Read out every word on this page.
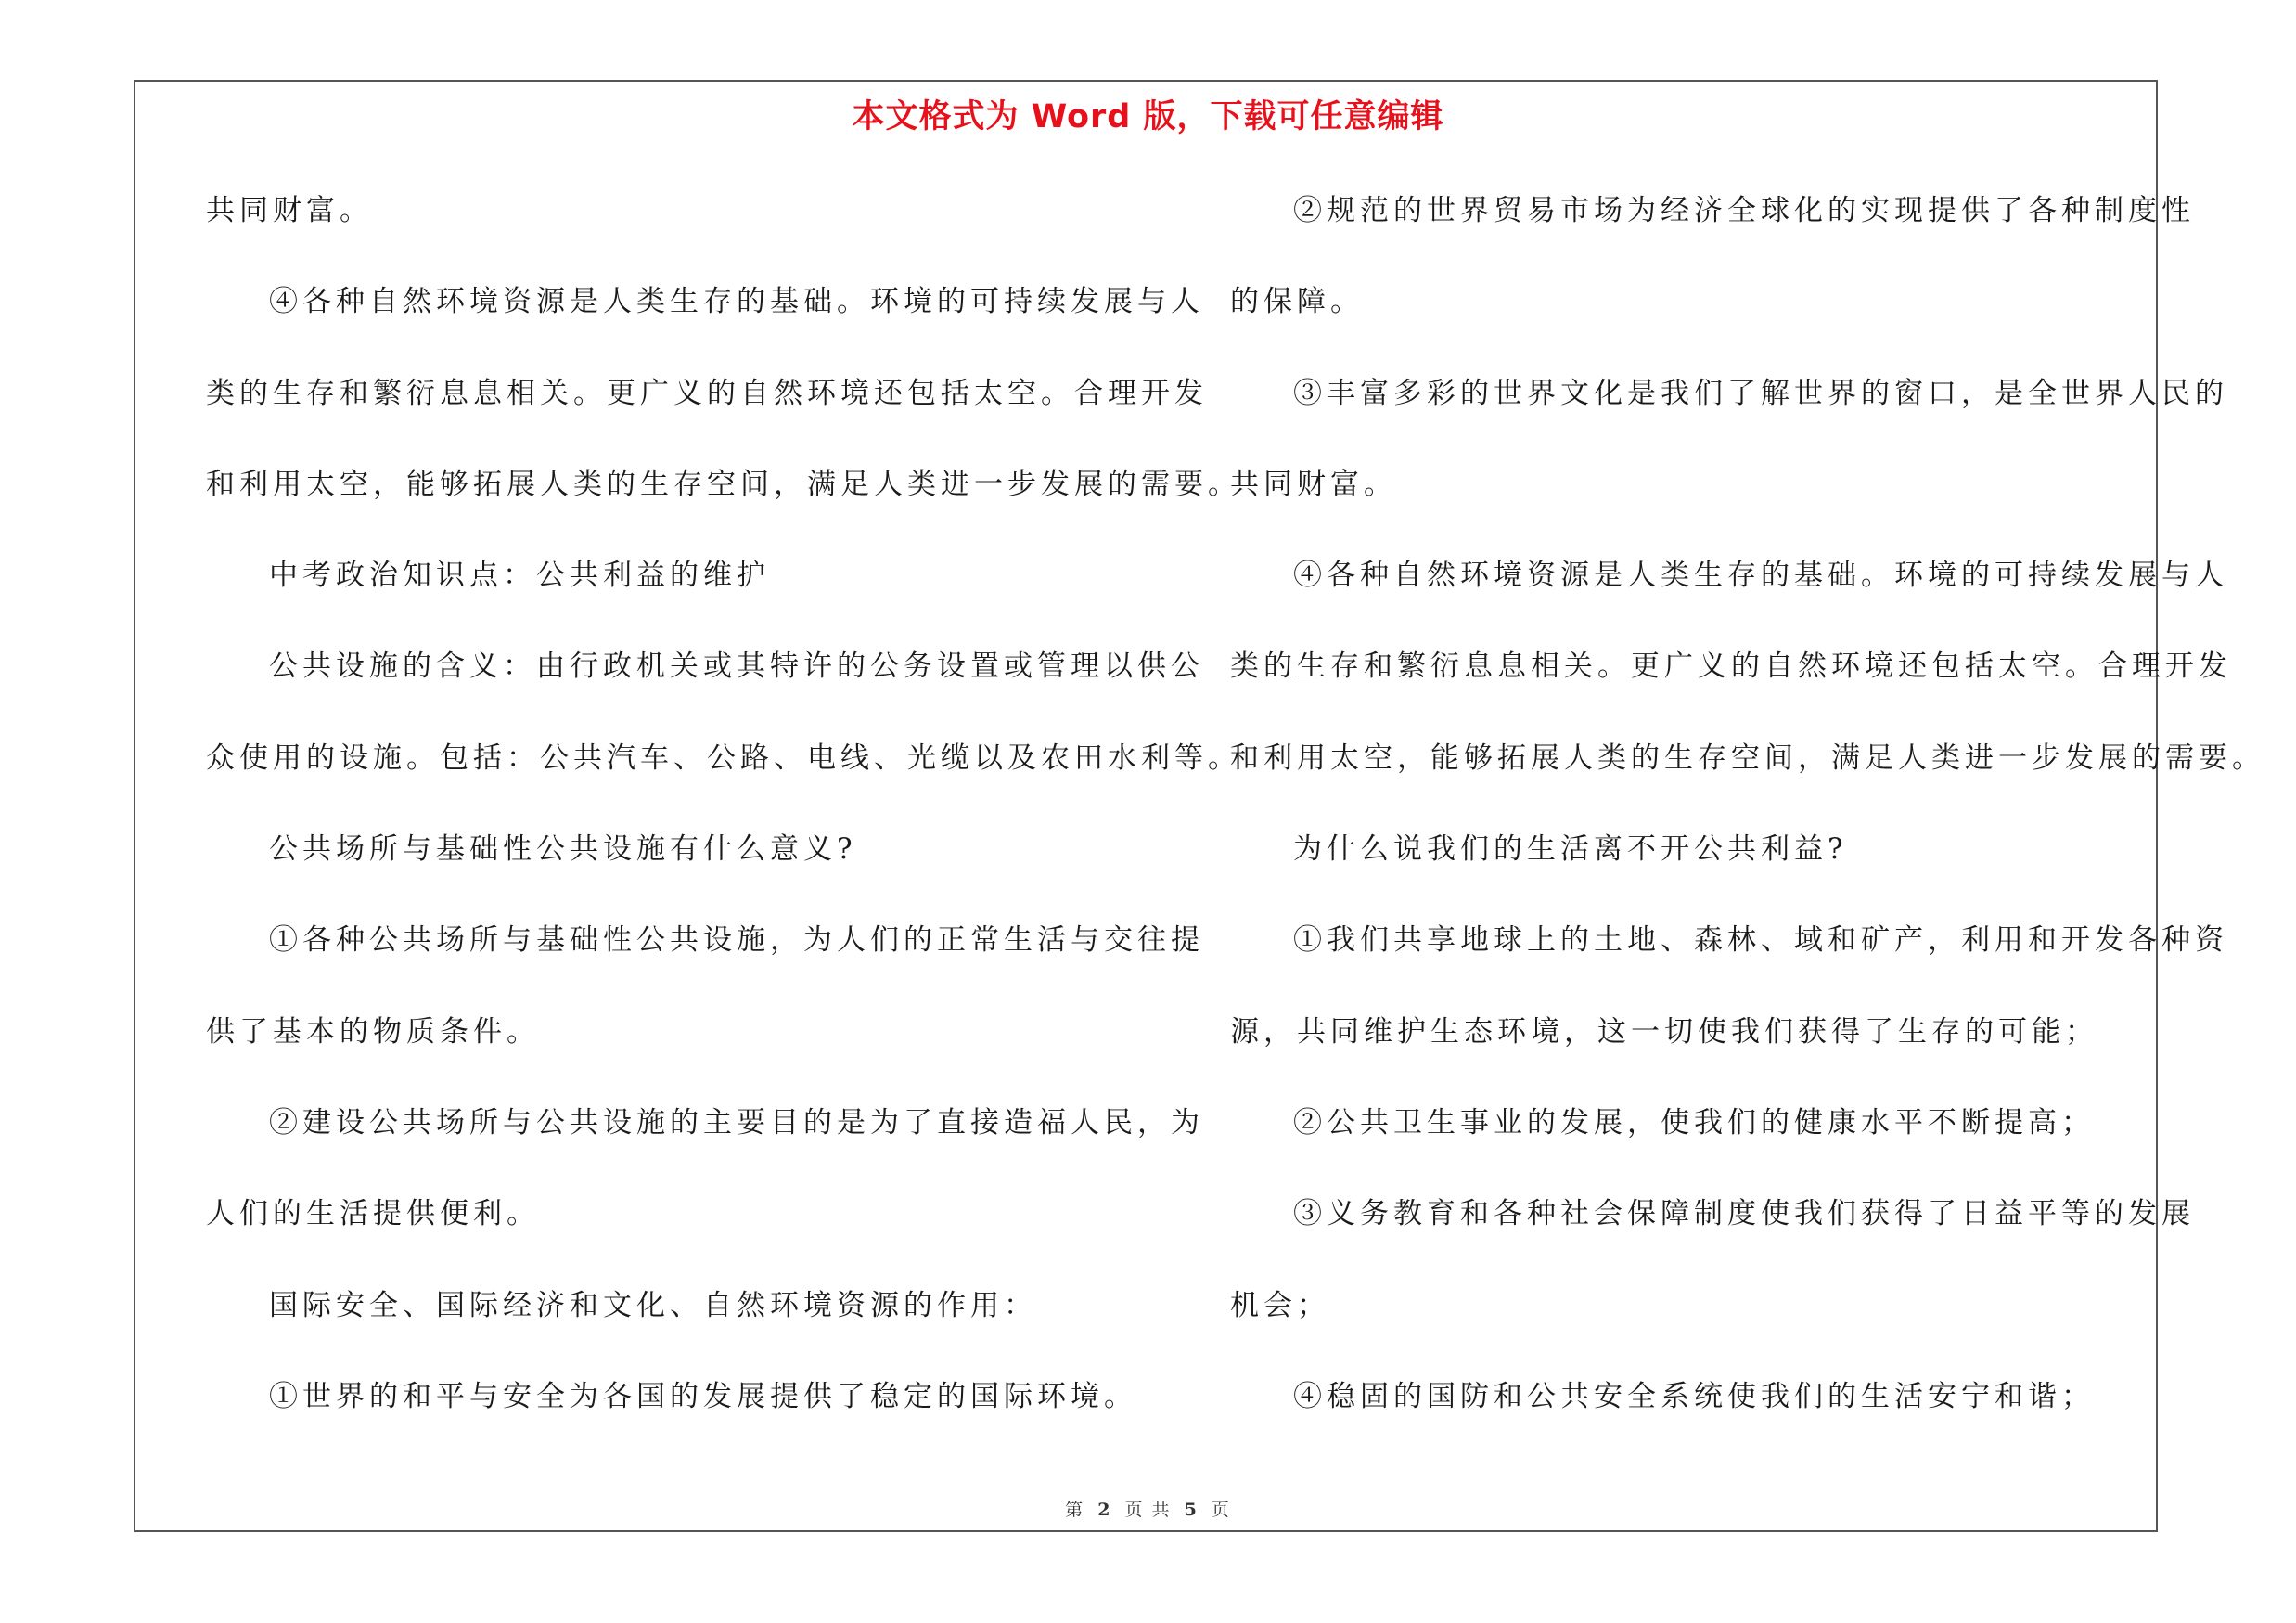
本文格式为 Word 版，下载可任意编辑
共同财富。
④各种自然环境资源是人类生存的基础。环境的可持续发展与人
类的生存和繁衍息息相关。更广义的自然环境还包括太空。合理开发
和利用太空，能够拓展人类的生存空间，满足人类进一步发展的需要。
中考政治知识点：公共利益的维护
公共设施的含义：由行政机关或其特许的公务设置或管理以供公
众使用的设施。包括：公共汽车、公路、电线、光缆以及农田水利等。
公共场所与基础性公共设施有什么意义?
①各种公共场所与基础性公共设施，为人们的正常生活与交往提
供了基本的物质条件。
②建设公共场所与公共设施的主要目的是为了直接造福人民，为
人们的生活提供便利。
国际安全、国际经济和文化、自然环境资源的作用：
①世界的和平与安全为各国的发展提供了稳定的国际环境。
②规范的世界贸易市场为经济全球化的实现提供了各种制度性
的保障。
③丰富多彩的世界文化是我们了解世界的窗口，是全世界人民的
共同财富。
④各种自然环境资源是人类生存的基础。环境的可持续发展与人
类的生存和繁衍息息相关。更广义的自然环境还包括太空。合理开发
和利用太空，能够拓展人类的生存空间，满足人类进一步发展的需要。
为什么说我们的生活离不开公共利益?
①我们共享地球上的土地、森林、域和矿产，利用和开发各种资
源，共同维护生态环境，这一切使我们获得了生存的可能；
②公共卫生事业的发展，使我们的健康水平不断提高；
③义务教育和各种社会保障制度使我们获得了日益平等的发展
机会；
④稳固的国防和公共安全系统使我们的生活安宁和谐；
第 2 页 共 5 页
